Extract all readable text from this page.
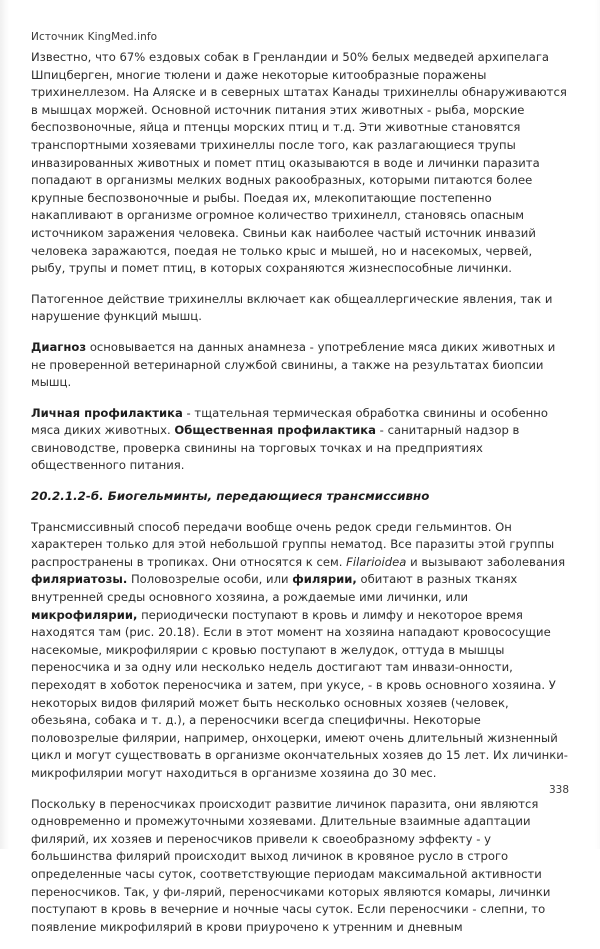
Источник KingMed.info

Известно, что 67% ездовых собак в Гренландии и 50% белых медведей архипелага Шпицберген, многие тюлени и даже некоторые китообразные поражены трихинеллезом. На Аляске и в северных штатах Канады трихинеллы обнаруживаются в мышцах моржей. Основной источник питания этих животных - рыба, морские беспозвоночные, яйца и птенцы морских птиц и т.д. Эти животные становятся транспортными хозяевами трихинеллы после того, как разлагающиеся трупы инвазированных животных и помет птиц оказываются в воде и личинки паразита попадают в организмы мелких водных ракообразных, которыми питаются более крупные беспозвоночные и рыбы. Поедая их, млекопитающие постепенно накапливают в организме огромное количество трихинелл, становясь опасным источником заражения человека. Свиньи как наиболее частый источник инвазий человека заражаются, поедая не только крыс и мышей, но и насекомых, червей, рыбу, трупы и помет птиц, в которых сохраняются жизнеспособные личинки.

Патогенное действие трихинеллы включает как общеаллергические явления, так и нарушение функций мышц.

Диагноз основывается на данных анамнеза - употребление мяса диких животных и не проверенной ветеринарной службой свинины, а также на результатах биопсии мышц.

Личная профилактика - тщательная термическая обработка свинины и особенно мяса диких животных. Общественная профилактика - санитарный надзор в свиноводстве, проверка свинины на торговых точках и на предприятиях общественного питания.

20.2.1.2-б. Биогельминты, передающиеся трансмиссивно

Трансмиссивный способ передачи вообще очень редок среди гельминтов. Он характерен только для этой небольшой группы нематод. Все паразиты этой группы распространены в тропиках. Они относятся к сем. Filarioidea и вызывают заболевания филяриатозы. Половозрелые особи, или филярии, обитают в разных тканях внутренней среды основного хозяина, а рождаемые ими личинки, или микрофилярии, периодически поступают в кровь и лимфу и некоторое время находятся там (рис. 20.18). Если в этот момент на хозяина нападают кровососущие насекомые, микрофилярии с кровью поступают в желудок, оттуда в мышцы переносчика и за одну или несколько недель достигают там инвази-онности, переходят в хоботок переносчика и затем, при укусе, - в кровь основного хозяина. У некоторых видов филярий может быть несколько основных хозяев (человек, обезьяна, собака и т. д.), а переносчики всегда специфичны. Некоторые половозрелые филярии, например, онхоцерки, имеют очень длительный жизненный цикл и могут существовать в организме окончательных хозяев до 15 лет. Их личинки-микрофилярии могут находиться в организме хозяина до 30 мес.

Поскольку в переносчиках происходит развитие личинок паразита, они являются одновременно и промежуточными хозяевами. Длительные взаимные адаптации филярий, их хозяев и переносчиков привели к своеобразному эффекту - у большинства филярий происходит выход личинок в кровяное русло в строго определенные часы суток, соответствующие периодам максимальной активности переносчиков. Так, у фи-лярий, переносчиками которых являются комары, личинки поступают в кровь в вечерние и ночные часы суток. Если переносчики - слепни, то появление микрофилярий в крови приурочено к утренним и дневным

338
